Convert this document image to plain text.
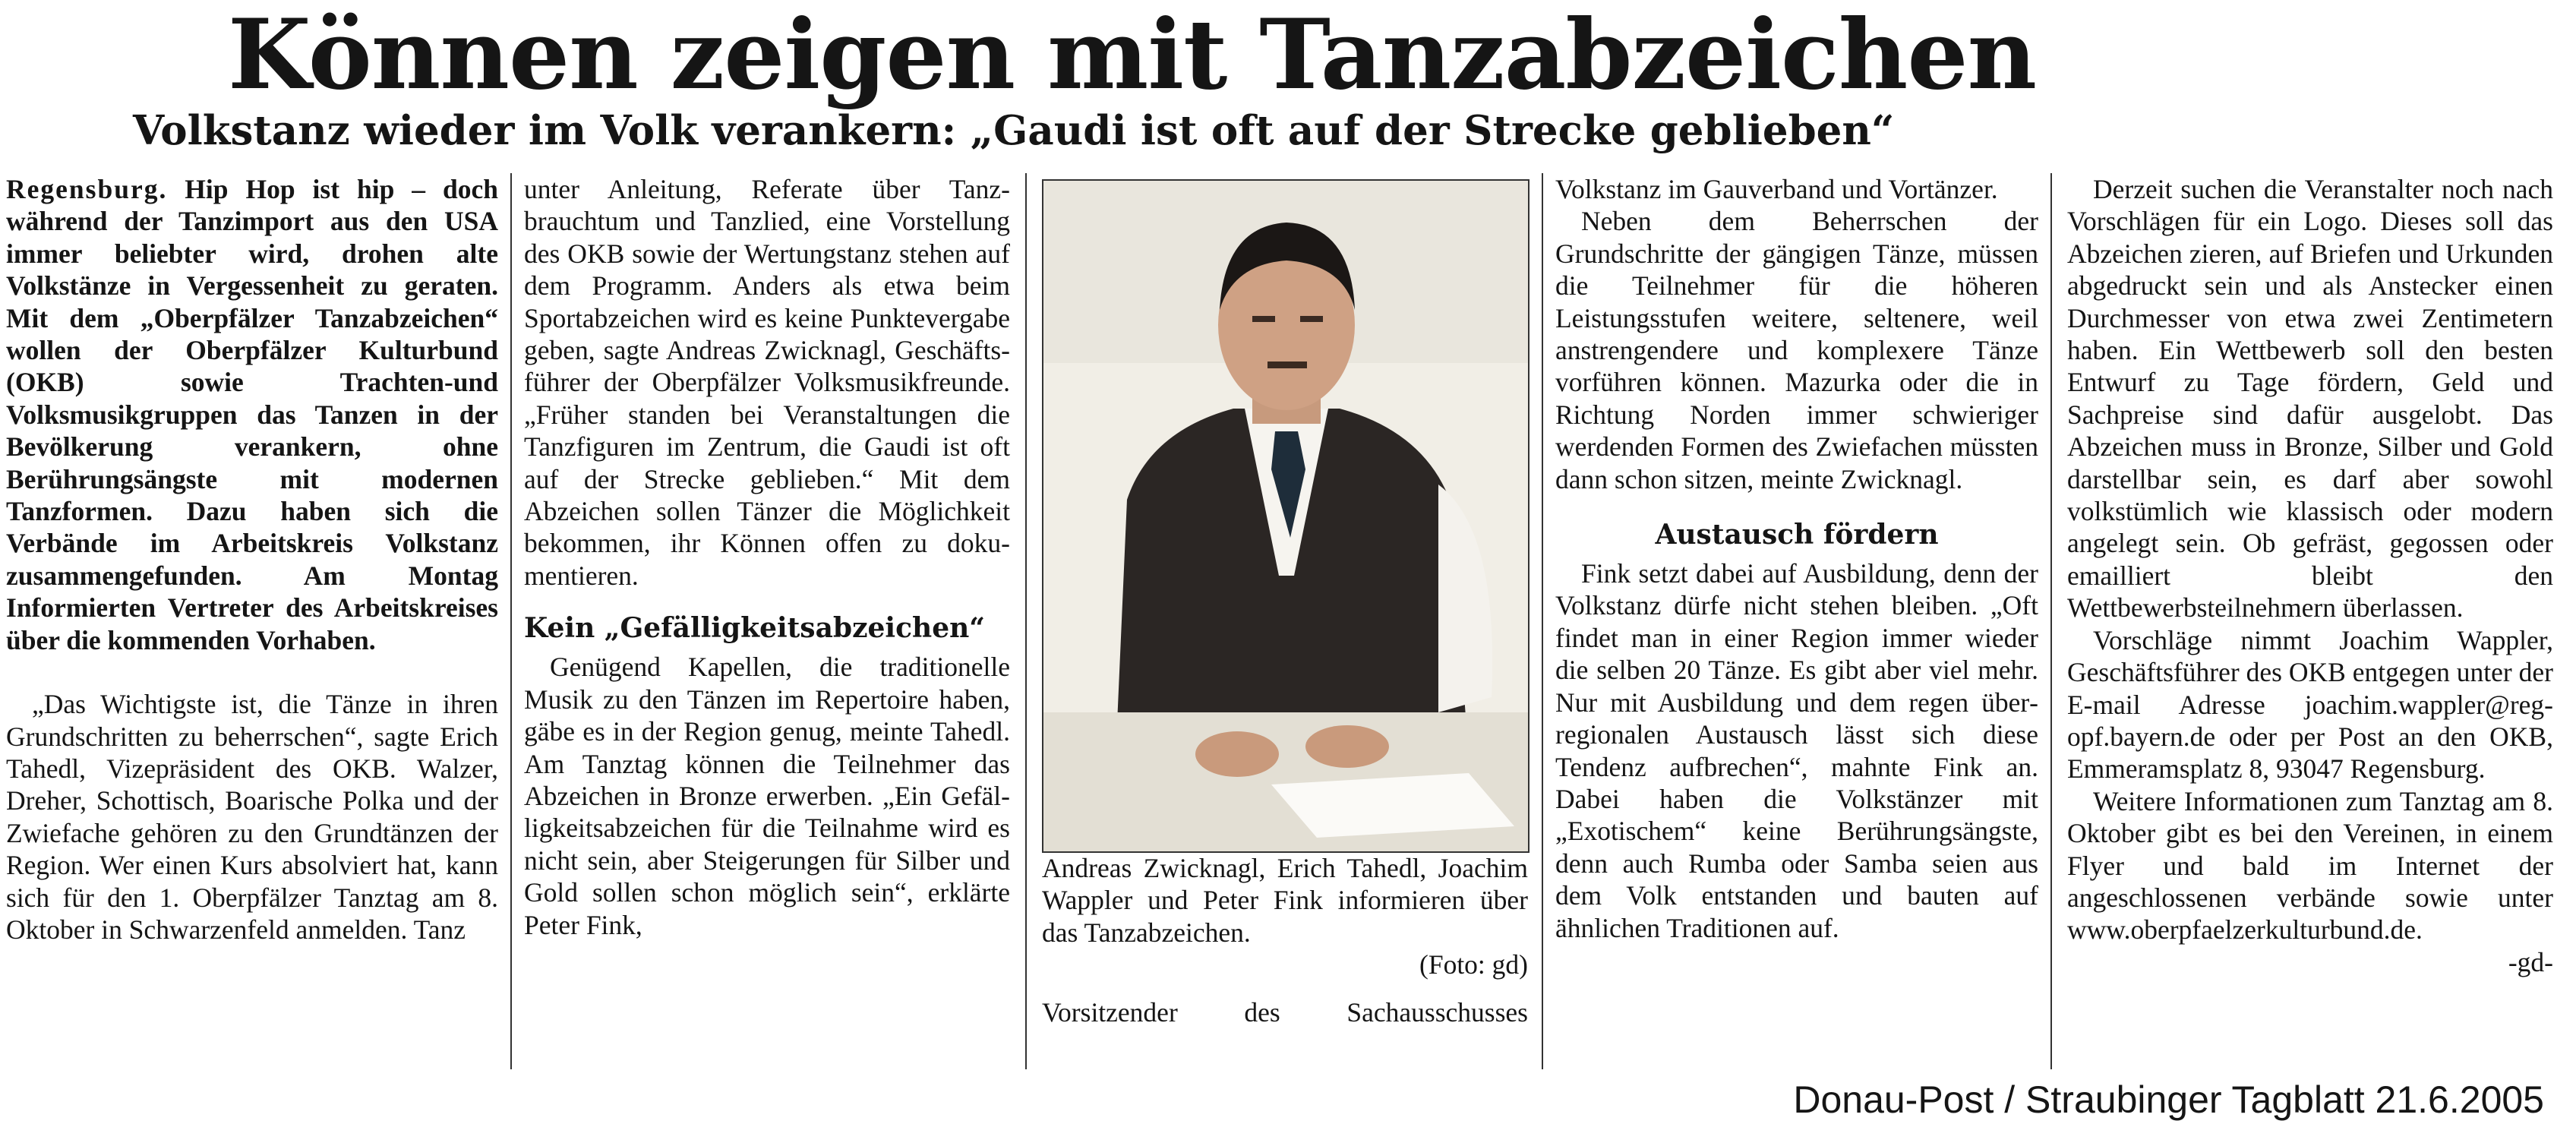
Können zeigen mit Tanzabzeichen
Volkstanz wieder im Volk verankern: „Gaudi ist oft auf der Strecke geblieben“

Regensburg. Hip Hop ist hip – doch während der Tanzimport aus den USA immer beliebter wird, drohen alte Volkstänze in Vergessenheit zu geraten. Mit dem „Oberpfälzer Tanzabzeichen“ wollen der Oberpfälzer Kulturbund (OKB) sowie Trachten-und Volksmusikgruppen das Tanzen in der Bevölkerung verankern, ohne Berührungsängste mit modernen Tanzformen. Dazu haben sich die Verbände im Arbeitskreis Volkstanz zusammengefunden. Am Montag Informierten Vertreter des Arbeitskreises über die kommenden Vorhaben.

„Das Wichtigste ist, die Tänze in ihren Grundschritten zu beherrschen“, sagte Erich Tahedl, Vizepräsident des OKB. Walzer, Dreher, Schottisch, Boarische Polka und der Zwiefache gehören zu den Grundtänzen der Region. Wer einen Kurs absolviert hat, kann sich für den 1. Oberpfälzer Tanztag am 8. Oktober in Schwarzenfeld anmelden. Tanz

unter Anleitung, Referate über Tanzbrauchtum und Tanzlied, eine Vorstellung des OKB sowie der Wertungstanz stehen auf dem Programm. Anders als etwa beim Sportabzeichen wird es keine Punktevergabe geben, sagte Andreas Zwicknagl, Geschäftsführer der Oberpfälzer Volksmusikfreunde. „Früher standen bei Veranstaltungen die Tanzfiguren im Zentrum, die Gaudi ist oft auf der Strecke geblieben.“ Mit dem Abzeichen sollen Tänzer die Möglichkeit bekommen, ihr Können offen zu dokumentieren.

Kein „Gefälligkeitsabzeichen“

Genügend Kapellen, die traditionelle Musik zu den Tänzen im Repertoire haben, gäbe es in der Region genug, meinte Tahedl. Am Tanztag können die Teilnehmer das Abzeichen in Bronze erwerben. „Ein Gefälligkeitsabzeichen für die Teilnahme wird es nicht sein, aber Steigerungen für Silber und Gold sollen schon möglich sein“, erklärte Peter Fink,

Andreas Zwicknagl, Erich Tahedl, Joachim Wappler und Peter Fink informieren über das Tanzabzeichen.
(Foto: gd)
Vorsitzender des Sachausschusses

Volkstanz im Gauverband und Vortänzer.

Neben dem Beherrschen der Grundschritte der gängigen Tänze, müssen die Teilnehmer für die höheren Leistungsstufen weitere, seltenere, weil anstrengendere und komplexere Tänze vorführen können. Mazurka oder die in Richtung Norden immer schwieriger werdenden Formen des Zwiefachen müssten dann schon sitzen, meinte Zwicknagl.

Austausch fördern

Fink setzt dabei auf Ausbildung, denn der Volkstanz dürfe nicht stehen bleiben. „Oft findet man in einer Region immer wieder die selben 20 Tänze. Es gibt aber viel mehr. Nur mit Ausbildung und dem regen überregionalen Austausch lässt sich diese Tendenz aufbrechen“, mahnte Fink an. Dabei haben die Volkstänzer mit „Exotischem“ keine Berührungsängste, denn auch Rumba oder Samba seien aus dem Volk entstanden und bauten auf ähnlichen Traditionen auf.

Derzeit suchen die Veranstalter noch nach Vorschlägen für ein Logo. Dieses soll das Abzeichen zieren, auf Briefen und Urkunden abgedruckt sein und als Anstecker einen Durchmesser von etwa zwei Zentimetern haben. Ein Wettbewerb soll den besten Entwurf zu Tage fördern, Geld und Sachpreise sind dafür ausgelobt. Das Abzeichen muss in Bronze, Silber und Gold darstellbar sein, es darf aber sowohl volkstümlich wie klassisch oder modern angelegt sein. Ob gefräst, gegossen oder emailliert bleibt den Wettbewerbsteilnehmern überlassen.

Vorschläge nimmt Joachim Wappler, Geschäftsführer des OKB entgegen unter der E-mail Adresse joachim.wappler@reg-opf.bayern.de oder per Post an den OKB, Emmeramsplatz 8, 93047 Regensburg.

Weitere Informationen zum Tanztag am 8. Oktober gibt es bei den Vereinen, in einem Flyer und bald im Internet der angeschlossenen verbände sowie unter www.oberpfaelzerkulturbund.de.

-gd-

Donau-Post / Straubinger Tagblatt 21.6.2005
